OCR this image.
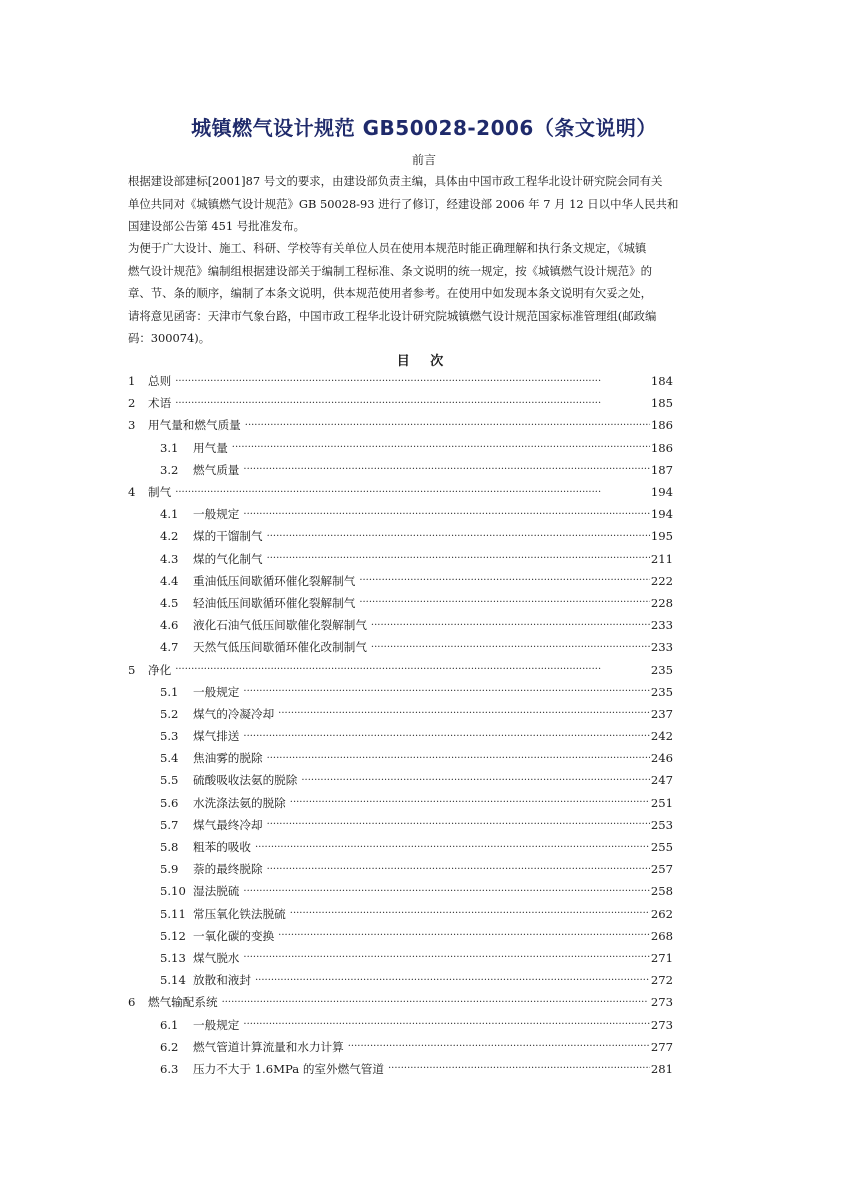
城镇燃气设计规范 GB50028-2006（条文说明）
前言

根据建设部建标[2001]87 号文的要求，由建设部负责主编，具体由中国市政工程华北设计研究院会同有关

单位共同对《城镇燃气设计规范》GB 50028-93 进行了修订，经建设部 2006 年 7 月 12 日以中华人民共和

国建设部公告第 451 号批准发布。

为便于广大设计、施工、科研、学校等有关单位人员在使用本规范时能正确理解和执行条文规定，《城镇

燃气设计规范》编制组根据建设部关于编制工程标准、条文说明的统一规定，按《城镇燃气设计规范》的

章、节、条的顺序，编制了本条文说明，供本规范使用者参考。在使用中如发现本条文说明有欠妥之处，

请将意见函寄：天津市气象台路，中国市政工程华北设计研究院城镇燃气设计规范国家标准管理组(邮政编

码：300074)。

目 次
1	总则 ·····	184
2	术语 ·····	185
3	用气量和燃气质量 ·····	186
3.1	用气量 ·····	186
3.2	燃气质量 ·····	187
4	制气 ·····	194
4.1	一般规定 ·····	194
4.2	煤的干馏制气 ·····	195
4.3	煤的气化制气 ·····	211
4.4	重油低压间歇循环催化裂解制气 ·····	222
4.5	轻油低压间歇循环催化裂解制气 ·····	228
4.6	液化石油气低压间歇催化裂解制气 ·····	233
4.7	天然气低压间歇循环催化改制制气 ·····	233
5	净化 ·····	235
5.1	一般规定 ·····	235
5.2	煤气的冷凝冷却 ·····	237
5.3	煤气排送 ·····	242
5.4	焦油雾的脱除 ·····	246
5.5	硫酸吸收法氨的脱除 ·····	247
5.6	水洗涤法氨的脱除 ·····	251
5.7	煤气最终冷却 ·····	253
5.8	粗苯的吸收 ·····	255
5.9	萘的最终脱除 ·····	257
5.10 湿法脱硫 ·····	258
5.11 常压氧化铁法脱硫 ·····	262
5.12 一氧化碳的变换 ·····	268
5.13 煤气脱水 ·····	271
5.14 放散和液封 ·····	272
6	燃气输配系统 ·····	273
6.1	一般规定 ·····	273
6.2	燃气管道计算流量和水力计算 ·····	277
6.3	压力不大于 1.6MPa 的室外燃气管道 ·····	281
